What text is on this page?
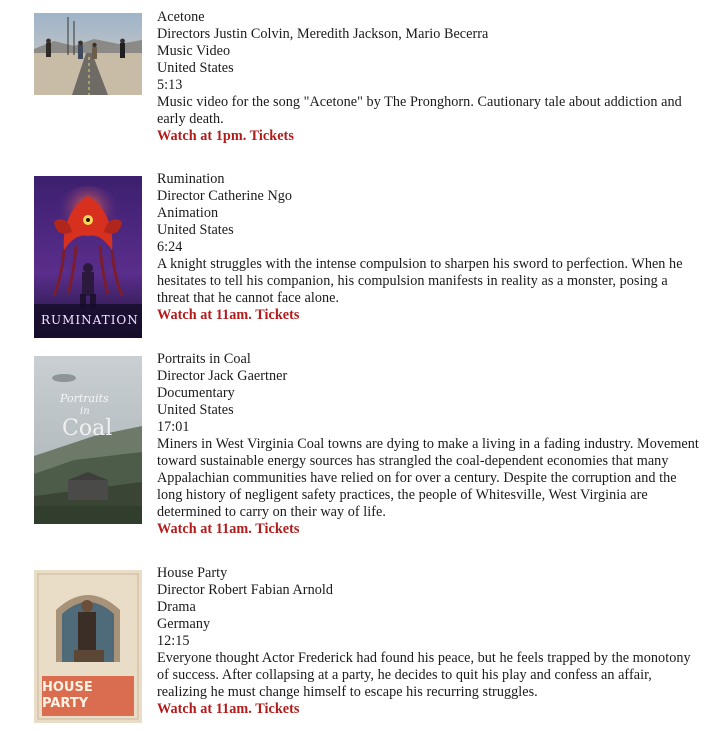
Acetone
Directors Justin Colvin, Meredith Jackson, Mario Becerra
Music Video
United States
5:13
Music video for the song "Acetone" by The Pronghorn. Cautionary tale about addiction and early death.
Watch at 1pm. Tickets
RUMINATION
Rumination
Director Catherine Ngo
Animation
United States
6:24
A knight struggles with the intense compulsion to sharpen his sword to perfection. When he hesitates to tell his companion, his compulsion manifests in reality as a monster, posing a threat that he cannot face alone.
Watch at 11am. Tickets
Portraits
in
Coal
Portraits in Coal
Director Jack Gaertner
Documentary
United States
17:01
Miners in West Virginia Coal towns are dying to make a living in a fading industry. Movement toward sustainable energy sources has strangled the coal-dependent economies that many Appalachian communities have relied on for over a century. Despite the corruption and the long history of negligent safety practices, the people of Whitesville, West Virginia are determined to carry on their way of life.
Watch at 11am. Tickets
HOUSE
PARTY
House Party
Director Robert Fabian Arnold
Drama
Germany
12:15
Everyone thought Actor Frederick had found his peace, but he feels trapped by the monotony of success. After collapsing at a party, he decides to quit his play and confess an affair, realizing he must change himself to escape his recurring struggles.
Watch at 11am. Tickets
